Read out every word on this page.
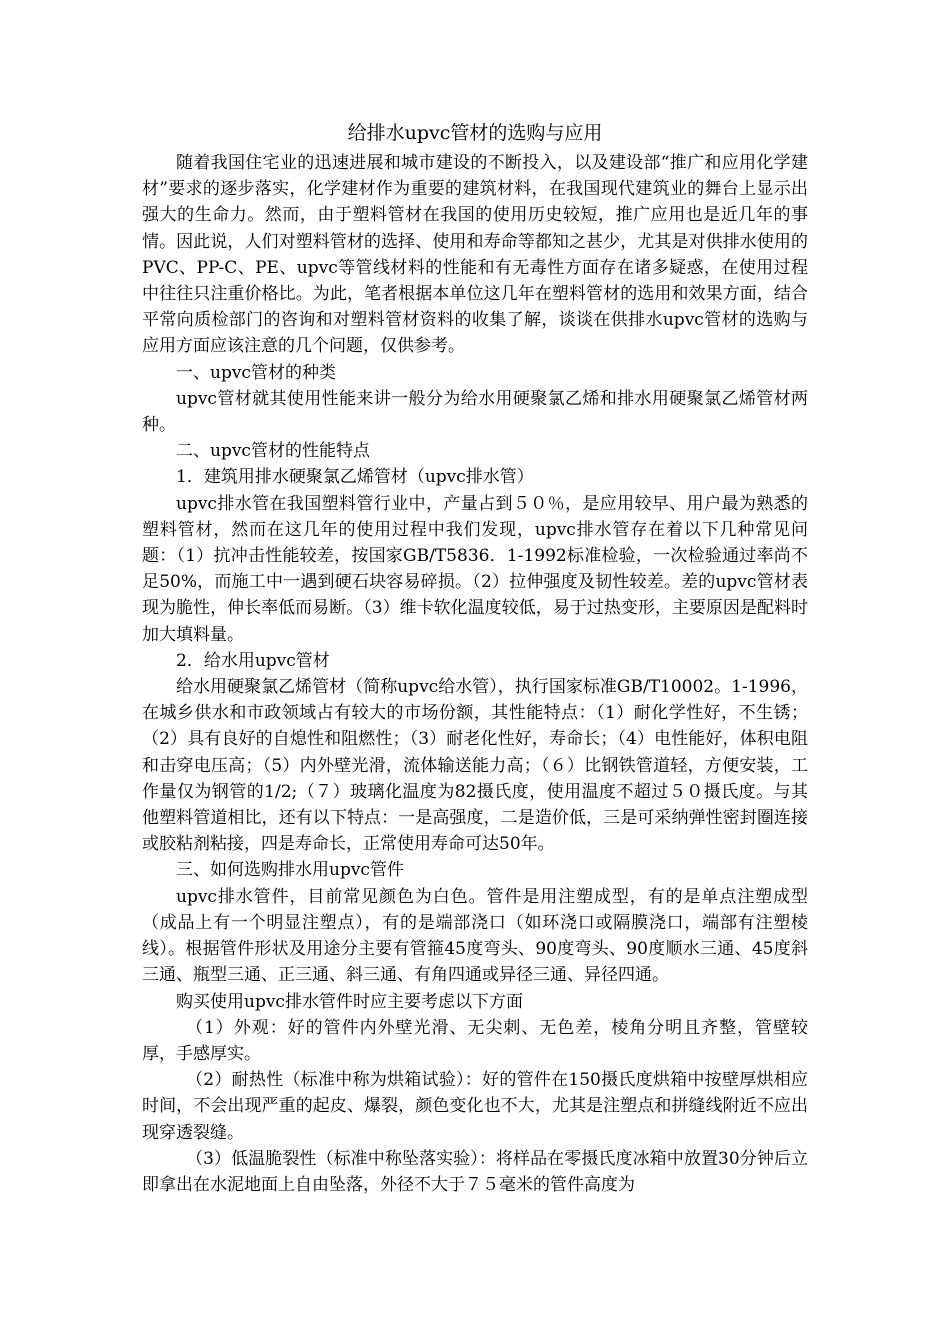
给排水upvc管材的选购与应用

随着我国住宅业的迅速进展和城市建设的不断投入，以及建设部“推广和应用化学建材”要求的逐步落实，化学建材作为重要的建筑材料，在我国现代建筑业的舞台上显示出强大的生命力。然而，由于塑料管材在我国的使用历史较短，推广应用也是近几年的事情。因此说，人们对塑料管材的选择、使用和寿命等都知之甚少，尤其是对供排水使用的PVC、PP-C、PE、upvc等管线材料的性能和有无毒性方面存在诸多疑惑，在使用过程中往往只注重价格比。为此，笔者根据本单位这几年在塑料管材的选用和效果方面，结合平常向质检部门的咨询和对塑料管材资料的收集了解，谈谈在供排水upvc管材的选购与应用方面应该注意的几个问题，仅供参考。

一、upvc管材的种类

upvc管材就其使用性能来讲一般分为给水用硬聚氯乙烯和排水用硬聚氯乙烯管材两种。

二、upvc管材的性能特点

1．建筑用排水硬聚氯乙烯管材（upvc排水管）

upvc排水管在我国塑料管行业中，产量占到５０％，是应用较早、用户最为熟悉的塑料管材，然而在这几年的使用过程中我们发现，upvc排水管存在着以下几种常见问题：（1）抗冲击性能较差，按国家GB/T5836．1-1992标准检验，一次检验通过率尚不足50%，而施工中一遇到硬石块容易碎损。（2）拉伸强度及韧性较差。差的upvc管材表现为脆性，伸长率低而易断。（3）维卡软化温度较低，易于过热变形，主要原因是配料时加大填料量。

2．给水用upvc管材

给水用硬聚氯乙烯管材（简称upvc给水管），执行国家标准GB/T10002。1-1996，在城乡供水和市政领域占有较大的市场份额，其性能特点：（1）耐化学性好，不生锈；（2）具有良好的自熄性和阻燃性；（3）耐老化性好，寿命长；（4）电性能好，体积电阻和击穿电压高；（5）内外壁光滑，流体输送能力高；（６）比钢铁管道轻，方便安装，工作量仅为钢管的1/2;（７）玻璃化温度为82摄氏度，使用温度不超过５０摄氏度。与其他塑料管道相比，还有以下特点：一是高强度，二是造价低，三是可采纳弹性密封圈连接或胶粘剂粘接，四是寿命长，正常使用寿命可达50年。

三、如何选购排水用upvc管件

upvc排水管件，目前常见颜色为白色。管件是用注塑成型，有的是单点注塑成型（成品上有一个明显注塑点），有的是端部浇口（如环浇口或隔膜浇口，端部有注塑棱线）。根据管件形状及用途分主要有管箍45度弯头、90度弯头、90度顺水三通、45度斜三通、瓶型三通、正三通、斜三通、有角四通或异径三通、异径四通。

购买使用upvc排水管件时应主要考虑以下方面

（1）外观：好的管件内外壁光滑、无尖刺、无色差，棱角分明且齐整，管壁较厚，手感厚实。

（2）耐热性（标准中称为烘箱试验）：好的管件在150摄氏度烘箱中按壁厚烘相应时间，不会出现严重的起皮、爆裂，颜色变化也不大，尤其是注塑点和拼缝线附近不应出现穿透裂缝。

（3）低温脆裂性（标准中称坠落实验）：将样品在零摄氏度冰箱中放置30分钟后立即拿出在水泥地面上自由坠落，外径不大于７５毫米的管件高度为
